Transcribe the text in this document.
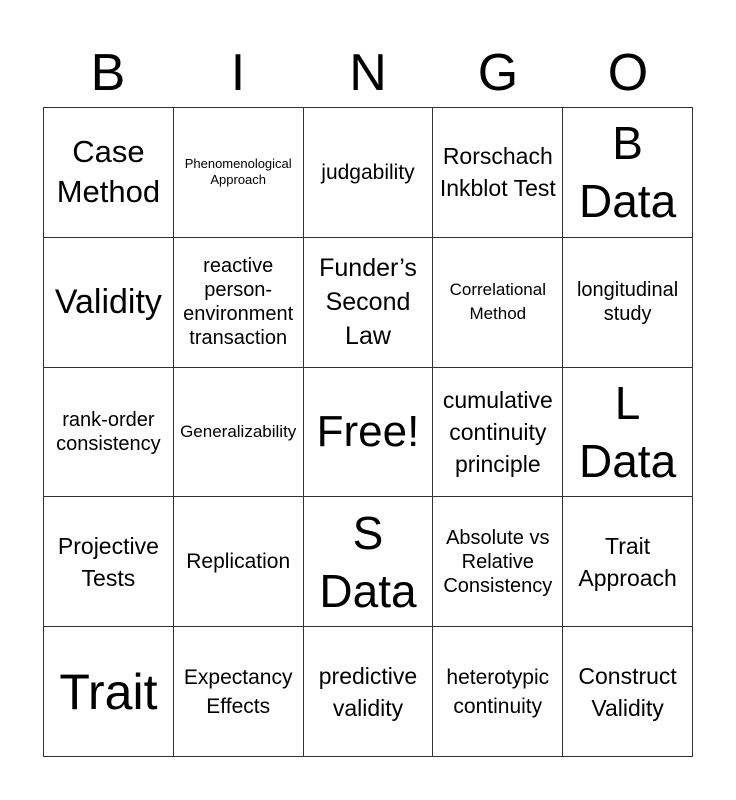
B	I	N	G	O
Case Method	Phenomenological Approach	judgability	Rorschach Inkblot Test	B Data
Validity	reactive person-environment transaction	Funder’s Second Law	Correlational Method	longitudinal study
rank-order consistency	Generalizability	Free!	cumulative continuity principle	L Data
Projective Tests	Replication	S Data	Absolute vs Relative Consistency	Trait Approach
Trait	Expectancy Effects	predictive validity	heterotypic continuity	Construct Validity
